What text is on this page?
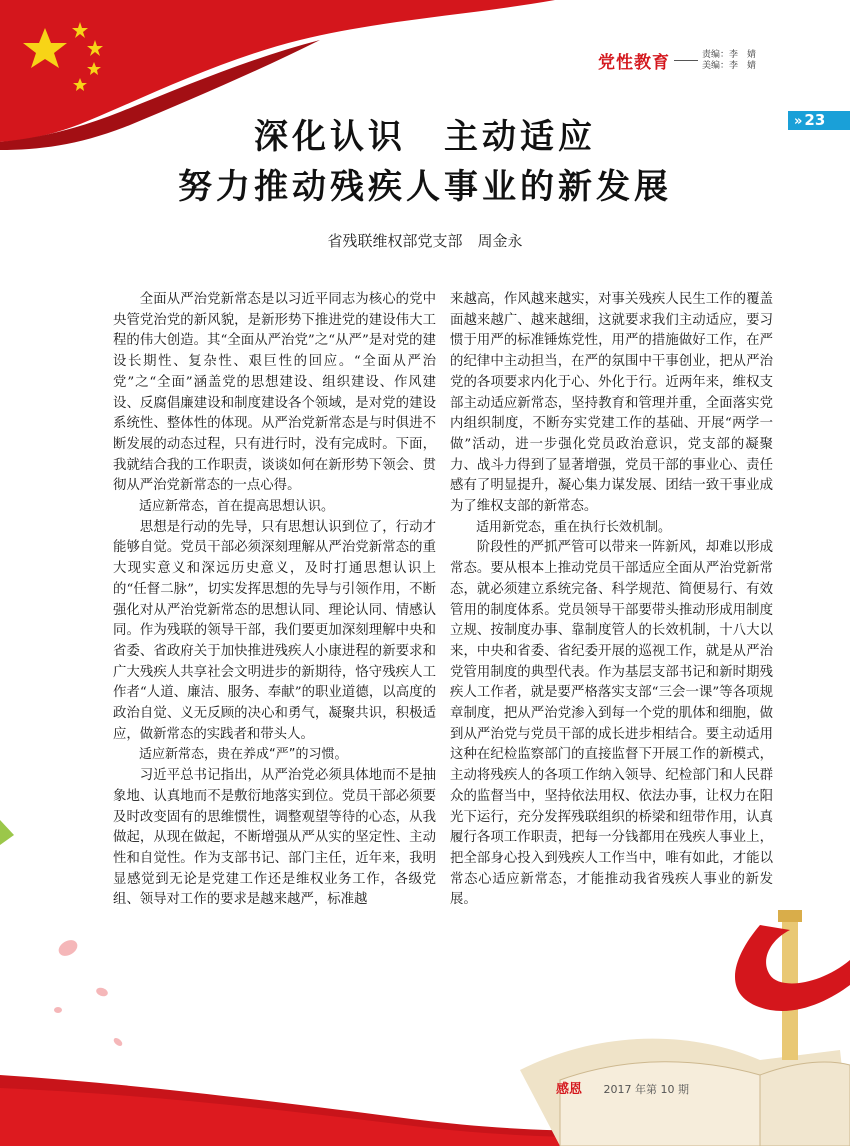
党性教育	责编：李　婧
美编：李　婧
» 23
深化认识　主动适应
努力推动残疾人事业的新发展
省残联维权部党支部　周金永

全面从严治党新常态是以习近平同志为核心的党中央管党治党的新风貌，是新形势下推进党的建设伟大工程的伟大创造。其“全面从严治党”之“从严”是对党的建设长期性、复杂性、艰巨性的回应。“全面从严治党”之“全面”涵盖党的思想建设、组织建设、作风建设、反腐倡廉建设和制度建设各个领域，是对党的建设系统性、整体性的体现。从严治党新常态是与时俱进不断发展的动态过程，只有进行时，没有完成时。下面，我就结合我的工作职责，谈谈如何在新形势下领会、贯彻从严治党新常态的一点心得。

适应新常态，首在提高思想认识。

思想是行动的先导，只有思想认识到位了，行动才能够自觉。党员干部必须深刻理解从严治党新常态的重大现实意义和深远历史意义，及时打通思想认识上的“任督二脉”，切实发挥思想的先导与引领作用，不断强化对从严治党新常态的思想认同、理论认同、情感认同。作为残联的领导干部，我们要更加深刻理解中央和省委、省政府关于加快推进残疾人小康进程的新要求和广大残疾人共享社会文明进步的新期待，恪守残疾人工作者“人道、廉洁、服务、奉献”的职业道德，以高度的政治自觉、义无反顾的决心和勇气，凝聚共识，积极适应，做新常态的实践者和带头人。

适应新常态，贵在养成“严”的习惯。

习近平总书记指出，从严治党必须具体地而不是抽象地、认真地而不是敷衍地落实到位。党员干部必须要及时改变固有的思维惯性，调整观望等待的心态，从我做起，从现在做起，不断增强从严从实的坚定性、主动性和自觉性。作为支部书记、部门主任，近年来，我明显感觉到无论是党建工作还是维权业务工作，各级党组、领导对工作的要求是越来越严，标准越

来越高，作风越来越实，对事关残疾人民生工作的覆盖面越来越广、越来越细，这就要求我们主动适应，要习惯于用严的标准锤炼党性，用严的措施做好工作，在严的纪律中主动担当，在严的氛围中干事创业，把从严治党的各项要求内化于心、外化于行。近两年来，维权支部主动适应新常态，坚持教育和管理并重，全面落实党内组织制度，不断夯实党建工作的基础、开展“两学一做”活动，进一步强化党员政治意识，党支部的凝聚力、战斗力得到了显著增强，党员干部的事业心、责任感有了明显提升，凝心集力谋发展、团结一致干事业成为了维权支部的新常态。

适用新党态，重在执行长效机制。

阶段性的严抓严管可以带来一阵新风，却难以形成常态。要从根本上推动党员干部适应全面从严治党新常态，就必须建立系统完备、科学规范、简便易行、有效管用的制度体系。党员领导干部要带头推动形成用制度立规、按制度办事、靠制度管人的长效机制，十八大以来，中央和省委、省纪委开展的巡视工作，就是从严治党管用制度的典型代表。作为基层支部书记和新时期残疾人工作者，就是要严格落实支部“三会一课”等各项规章制度，把从严治党渗入到每一个党的肌体和细胞，做到从严治党与党员干部的成长进步相结合。要主动适用这种在纪检监察部门的直接监督下开展工作的新模式，主动将残疾人的各项工作纳入领导、纪检部门和人民群众的监督当中，坚持依法用权、依法办事，让权力在阳光下运行，充分发挥残联组织的桥梁和纽带作用，认真履行各项工作职责，把每一分钱都用在残疾人事业上，把全部身心投入到残疾人工作当中，唯有如此，才能以常态心适应新常态，才能推动我省残疾人事业的新发展。

感恩 2017 年第 10 期
